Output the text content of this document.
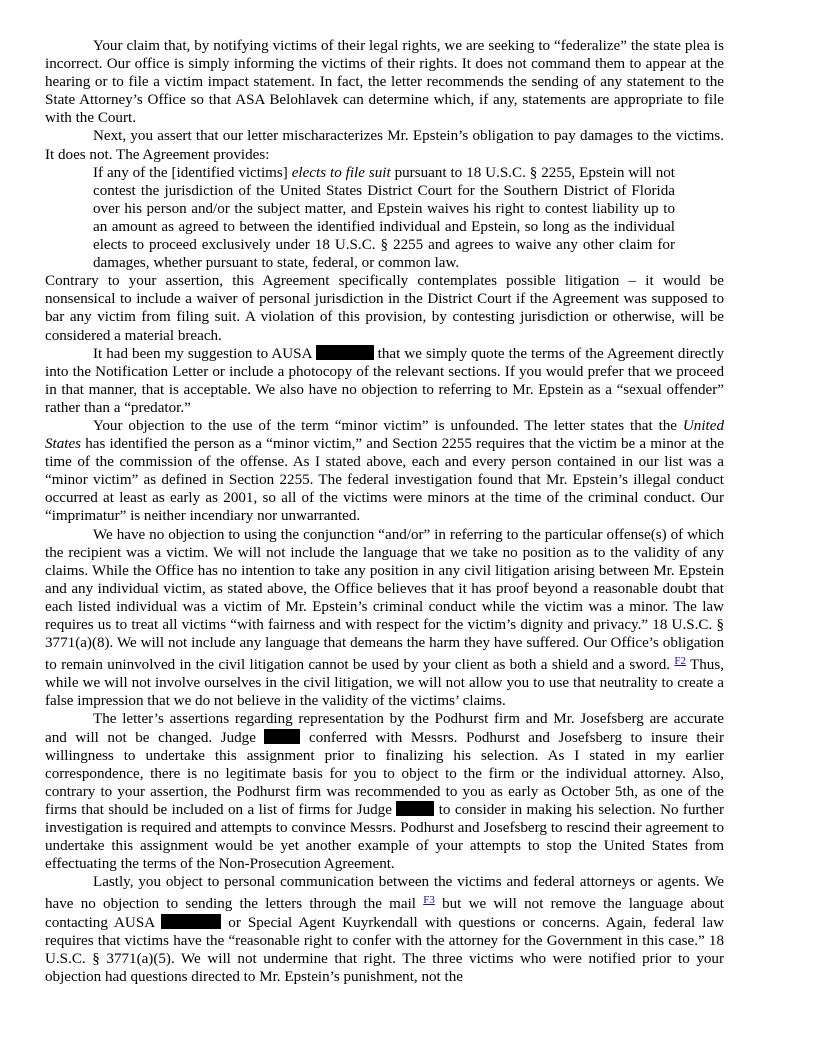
Your claim that, by notifying victims of their legal rights, we are seeking to “federalize” the state plea is incorrect. Our office is simply informing the victims of their rights. It does not command them to appear at the hearing or to file a victim impact statement. In fact, the letter recommends the sending of any statement to the State Attorney’s Office so that ASA Belohlavek can determine which, if any, statements are appropriate to file with the Court.

Next, you assert that our letter mischaracterizes Mr. Epstein’s obligation to pay damages to the victims. It does not. The Agreement provides:

If any of the [identified victims] elects to file suit pursuant to 18 U.S.C. § 2255, Epstein will not contest the jurisdiction of the United States District Court for the Southern District of Florida over his person and/or the subject matter, and Epstein waives his right to contest liability up to an amount as agreed to between the identified individual and Epstein, so long as the individual elects to proceed exclusively under 18 U.S.C. § 2255 and agrees to waive any other claim for damages, whether pursuant to state, federal, or common law.

Contrary to your assertion, this Agreement specifically contemplates possible litigation – it would be nonsensical to include a waiver of personal jurisdiction in the District Court if the Agreement was supposed to bar any victim from filing suit. A violation of this provision, by contesting jurisdiction or otherwise, will be considered a material breach.

It had been my suggestion to AUSA	that we simply quote the terms of the Agreement directly into the Notification Letter or include a photocopy of the relevant sections. If you would prefer that we proceed in that manner, that is acceptable. We also have no objection to referring to Mr. Epstein as a “sexual offender” rather than a “predator.”

Your objection to the use of the term “minor victim” is unfounded. The letter states that the United States has identified the person as a “minor victim,” and Section 2255 requires that the victim be a minor at the time of the commission of the offense. As I stated above, each and every person contained in our list was a “minor victim” as defined in Section 2255. The federal investigation found that Mr. Epstein’s illegal conduct occurred at least as early as 2001, so all of the victims were minors at the time of the criminal conduct. Our “imprimatur” is neither incendiary nor unwarranted.

We have no objection to using the conjunction “and/or” in referring to the particular offense(s) of which the recipient was a victim. We will not include the language that we take no position as to the validity of any claims. While the Office has no intention to take any position in any civil litigation arising between Mr. Epstein and any individual victim, as stated above, the Office believes that it has proof beyond a reasonable doubt that each listed individual was a victim of Mr. Epstein’s criminal conduct while the victim was a minor. The law requires us to treat all victims “with fairness and with respect for the victim’s dignity and privacy.” 18 U.S.C. § 3771(a)(8). We will not include any language that demeans the harm they have suffered. Our Office’s obligation to remain uninvolved in the civil litigation cannot be used by your client as both a shield and a sword. $^{F2}$ Thus, while we will not involve ourselves in the civil litigation, we will not allow you to use that neutrality to create a false impression that we do not believe in the validity of the victims’ claims.

The letter’s assertions regarding representation by the Podhurst firm and Mr. Josefsberg are accurate and will not be changed. Judge  conferred with Messrs. Podhurst and Josefsberg to insure their willingness to undertake this assignment prior to finalizing his selection. As I stated in my earlier correspondence, there is no legitimate basis for you to object to the firm or the individual attorney. Also, contrary to your assertion, the Podhurst firm was recommended to you as early as October 5th, as one of the firms that should be included on a list of firms for Judge	to consider in making his selection. No further investigation is required and attempts to convince Messrs. Podhurst and Josefsberg to rescind their agreement to undertake this assignment would be yet another example of your attempts to stop the United States from effectuating the terms of the Non-Prosecution Agreement.

Lastly, you object to personal communication between the victims and federal attorneys or agents. We have no objection to sending the letters through the mail $^{F3}$ but we will not remove the language about contacting AUSA	or Special Agent Kuyrkendall with questions or concerns. Again, federal law requires that victims have the “reasonable right to confer with the attorney for the Government in this case.” 18 U.S.C. § 3771(a)(5). We will not undermine that right. The three victims who were notified prior to your objection had questions directed to Mr. Epstein’s punishment, not the
